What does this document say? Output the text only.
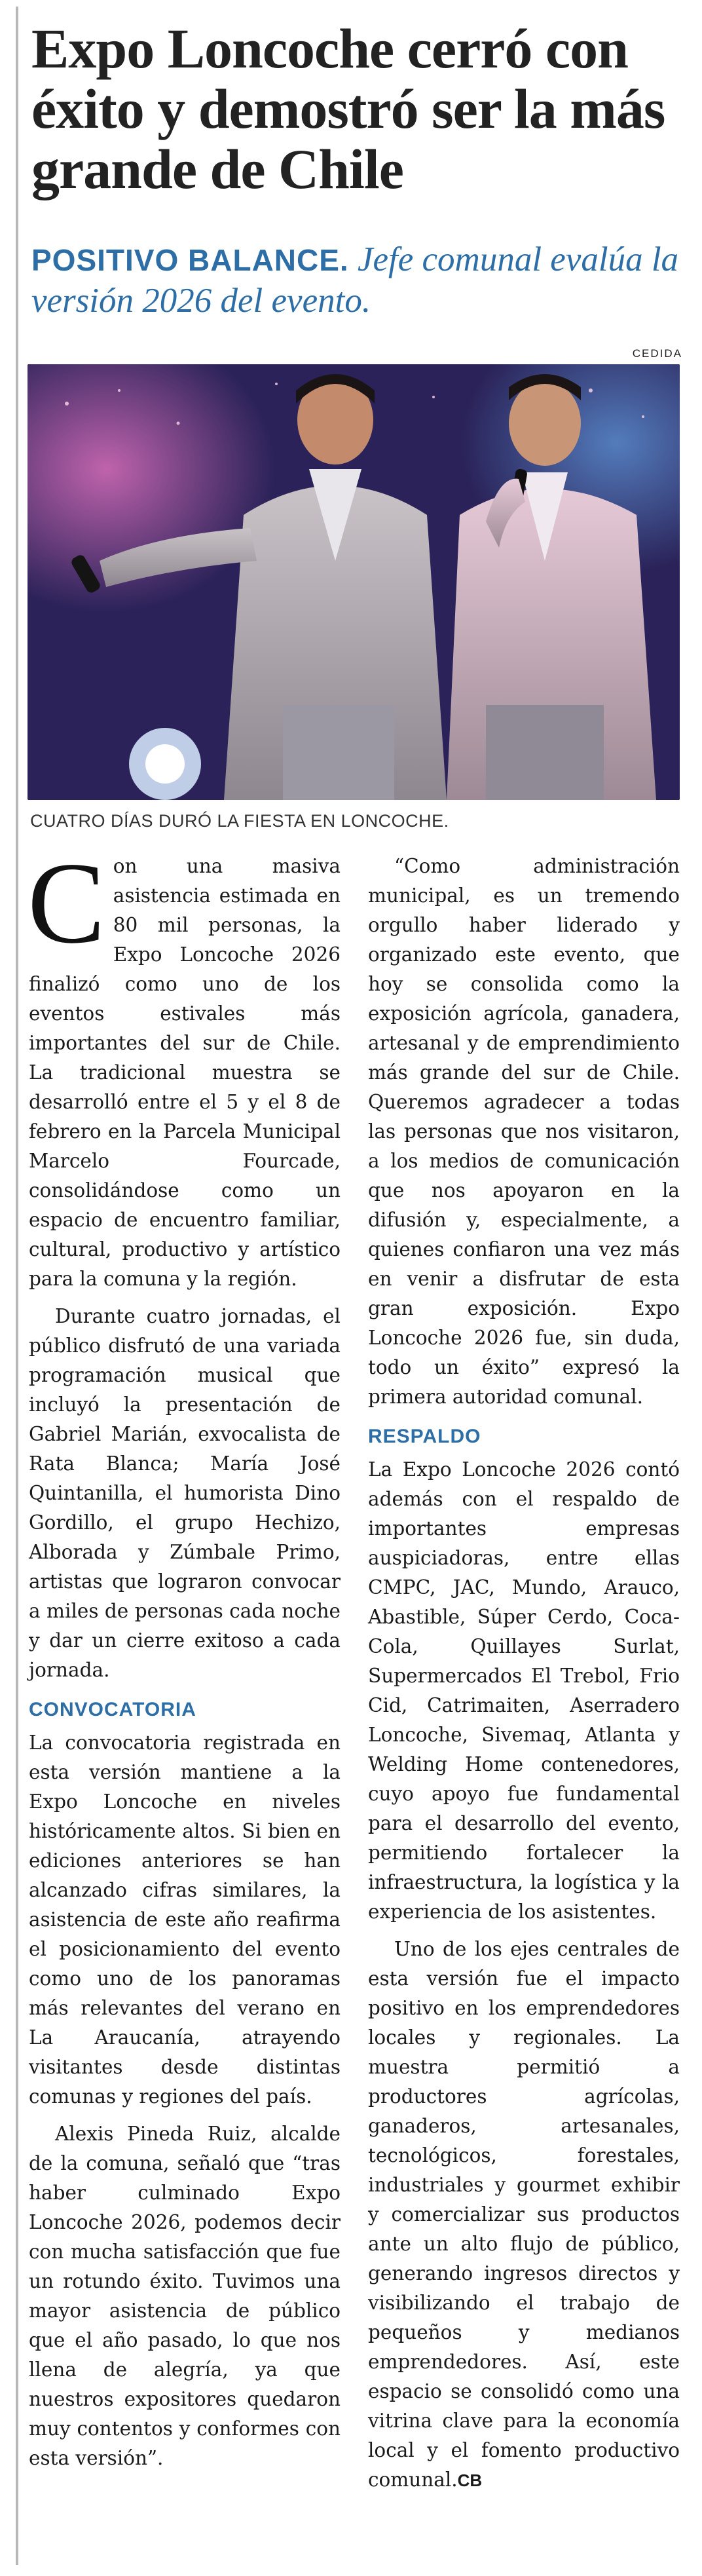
Expo Loncoche cerró con éxito y demostró ser la más grande de Chile

POSITIVO BALANCE. Jefe comunal evalúa la versión 2026 del evento.

CEDIDA
CUATRO DÍAS DURÓ LA FIESTA EN LONCOCHE.

Con una masiva asistencia estimada en 80 mil personas, la Expo Loncoche 2026 finalizó como uno de los eventos estivales más importantes del sur de Chile. La tradicional muestra se desarrolló entre el 5 y el 8 de febrero en la Parcela Municipal Marcelo Fourcade, consolidándose como un espacio de encuentro familiar, cultural, productivo y artístico para la comuna y la región.

Durante cuatro jornadas, el público disfrutó de una variada programación musical que incluyó la presentación de Gabriel Marián, exvocalista de Rata Blanca; María José Quintanilla, el humorista Dino Gordillo, el grupo Hechizo, Alborada y Zúmbale Primo, artistas que lograron convocar a miles de personas cada noche y dar un cierre exitoso a cada jornada.

CONVOCATORIA

La convocatoria registrada en esta versión mantiene a la Expo Loncoche en niveles históricamente altos. Si bien en ediciones anteriores se han alcanzado cifras similares, la asistencia de este año reafirma el posicionamiento del evento como uno de los panoramas más relevantes del verano en La Araucanía, atrayendo visitantes desde distintas comunas y regiones del país.

Alexis Pineda Ruiz, alcalde de la comuna, señaló que “tras haber culminado Expo Loncoche 2026, podemos decir con mucha satisfacción que fue un rotundo éxito. Tuvimos una mayor asistencia de público que el año pasado, lo que nos llena de alegría, ya que nuestros expositores quedaron muy contentos y conformes con esta versión”.

“Como administración municipal, es un tremendo orgullo haber liderado y organizado este evento, que hoy se consolida como la exposición agrícola, ganadera, artesanal y de emprendimiento más grande del sur de Chile. Queremos agradecer a todas las personas que nos visitaron, a los medios de comunicación que nos apoyaron en la difusión y, especialmente, a quienes confiaron una vez más en venir a disfrutar de esta gran exposición. Expo Loncoche 2026 fue, sin duda, todo un éxito” expresó la primera autoridad comunal.

RESPALDO

La Expo Loncoche 2026 contó además con el respaldo de importantes empresas auspiciadoras, entre ellas CMPC, JAC, Mundo, Arauco, Abastible, Súper Cerdo, Coca-Cola, Quillayes Surlat, Supermercados El Trebol, Frio Cid, Catrimaiten, Aserradero Loncoche, Sivemaq, Atlanta y Welding Home contenedores, cuyo apoyo fue fundamental para el desarrollo del evento, permitiendo fortalecer la infraestructura, la logística y la experiencia de los asistentes.

Uno de los ejes centrales de esta versión fue el impacto positivo en los emprendedores locales y regionales. La muestra permitió a productores agrícolas, ganaderos, artesanales, tecnológicos, forestales, industriales y gourmet exhibir y comercializar sus productos ante un alto flujo de público, generando ingresos directos y visibilizando el trabajo de pequeños y medianos emprendedores. Así, este espacio se consolidó como una vitrina clave para la economía local y el fomento productivo comunal.CB
